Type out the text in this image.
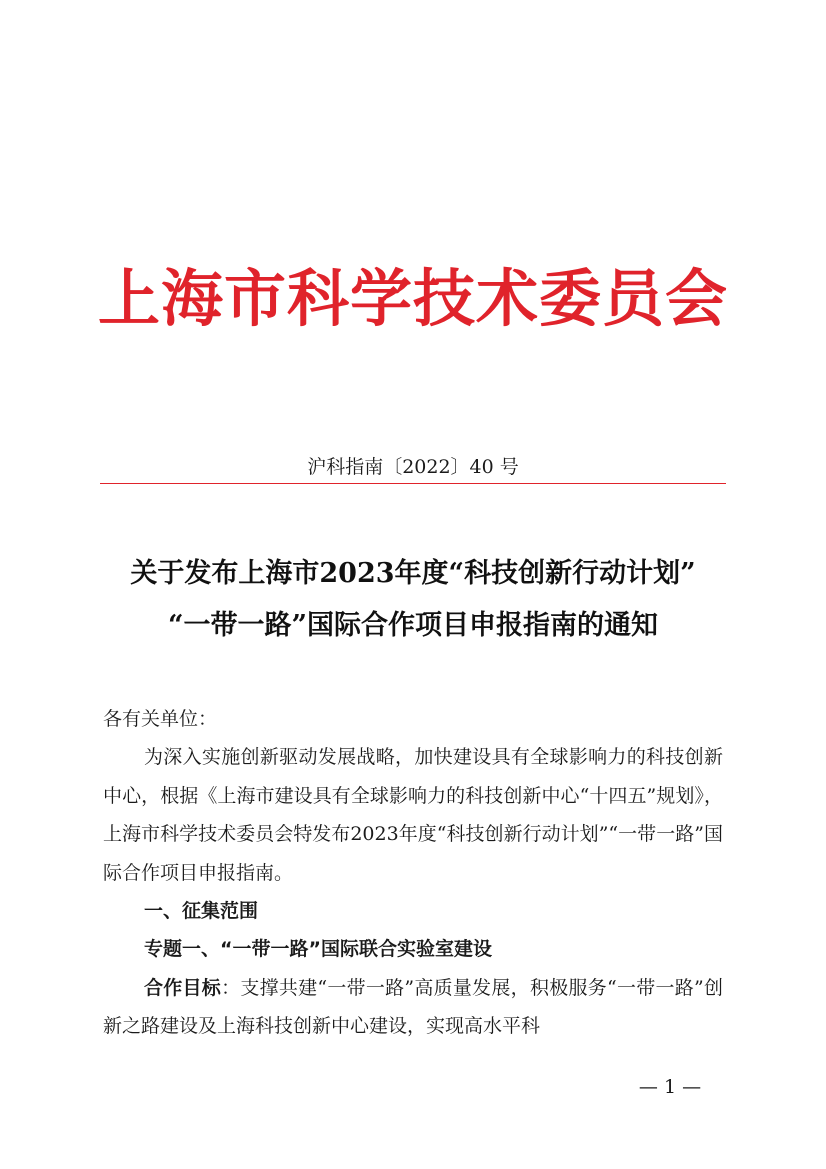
上海市科学技术委员会
沪科指南〔2022〕40 号
关于发布上海市2023年度“科技创新行动计划”
“一带一路”国际合作项目申报指南的通知

各有关单位：

为深入实施创新驱动发展战略，加快建设具有全球影响力的科技创新中心，根据《上海市建设具有全球影响力的科技创新中心“十四五”规划》，上海市科学技术委员会特发布2023年度“科技创新行动计划”“一带一路”国际合作项目申报指南。

一、征集范围

专题一、“一带一路”国际联合实验室建设

合作目标：支撑共建“一带一路”高质量发展，积极服务“一带一路”创新之路建设及上海科技创新中心建设，实现高水平科

— 1 —
